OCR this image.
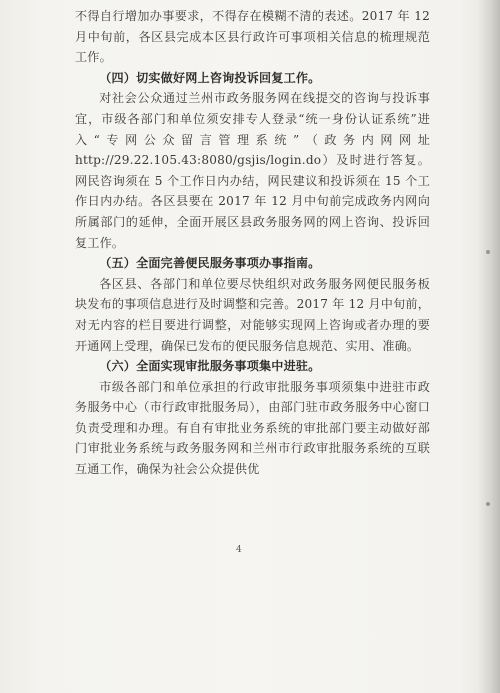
不得自行增加办事要求，不得存在模糊不清的表述。2017 年 12 月中旬前，各区县完成本区县行政许可事项相关信息的梳理规范工作。

（四）切实做好网上咨询投诉回复工作。

对社会公众通过兰州市政务服务网在线提交的咨询与投诉事宜，市级各部门和单位须安排专人登录“统一身份认证系统”进入“专网公众留言管理系统”（政务内网网址 http://29.22.105.43:8080/gsjis/login.do）及时进行答复。网民咨询须在 5 个工作日内办结，网民建议和投诉须在 15 个工作日内办结。各区县要在 2017 年 12 月中旬前完成政务内网向所属部门的延伸，全面开展区县政务服务网的网上咨询、投诉回复工作。

（五）全面完善便民服务事项办事指南。

各区县、各部门和单位要尽快组织对政务服务网便民服务板块发布的事项信息进行及时调整和完善。2017 年 12 月中旬前，对无内容的栏目要进行调整，对能够实现网上咨询或者办理的要开通网上受理，确保已发布的便民服务信息规范、实用、准确。

（六）全面实现审批服务事项集中进驻。

市级各部门和单位承担的行政审批服务事项须集中进驻市政务服务中心（市行政审批服务局），由部门驻市政务服务中心窗口负责受理和办理。有自有审批业务系统的审批部门要主动做好部门审批业务系统与政务服务网和兰州市行政审批服务系统的互联互通工作，确保为社会公众提供优

4
